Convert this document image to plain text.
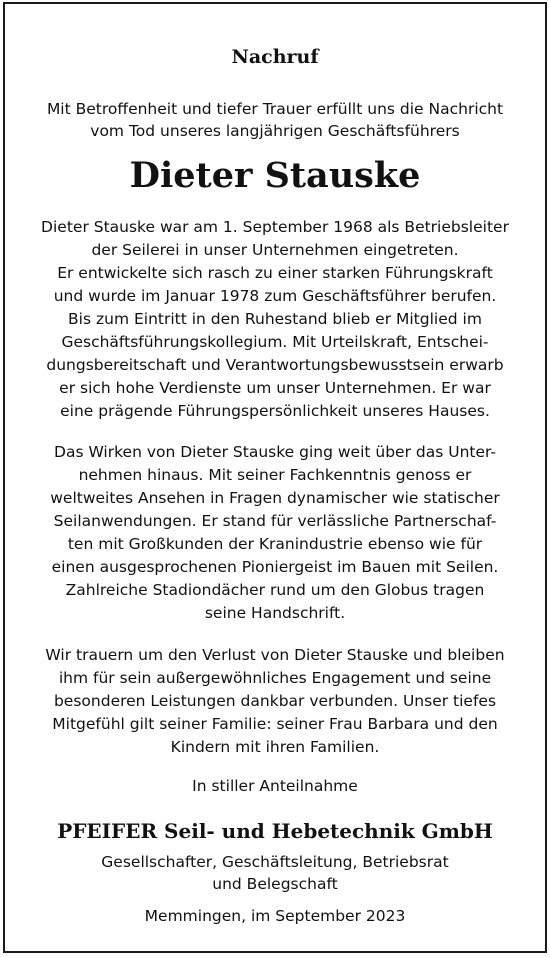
Nachruf
Mit Betroffenheit und tiefer Trauer erfüllt uns die Nachricht
vom Tod unseres langjährigen Geschäftsführers
Dieter Stauske
Dieter Stauske war am 1. September 1968 als Betriebsleiter
der Seilerei in unser Unternehmen eingetreten.
Er entwickelte sich rasch zu einer starken Führungskraft
und wurde im Januar 1978 zum Geschäftsführer berufen.
Bis zum Eintritt in den Ruhestand blieb er Mitglied im
Geschäftsführungskollegium. Mit Urteilskraft, Entschei-
dungsbereitschaft und Verantwortungsbewusstsein erwarb
er sich hohe Verdienste um unser Unternehmen. Er war
eine prägende Führungspersönlichkeit unseres Hauses.
Das Wirken von Dieter Stauske ging weit über das Unter-
nehmen hinaus. Mit seiner Fachkenntnis genoss er
weltweites Ansehen in Fragen dynamischer wie statischer
Seilanwendungen. Er stand für verlässliche Partnerschaf-
ten mit Großkunden der Kranindustrie ebenso wie für
einen ausgesprochenen Pioniergeist im Bauen mit Seilen.
Zahlreiche Stadiondächer rund um den Globus tragen
seine Handschrift.
Wir trauern um den Verlust von Dieter Stauske und bleiben
ihm für sein außergewöhnliches Engagement und seine
besonderen Leistungen dankbar verbunden. Unser tiefes
Mitgefühl gilt seiner Familie: seiner Frau Barbara und den
Kindern mit ihren Familien.
In stiller Anteilnahme
PFEIFER Seil- und Hebetechnik GmbH
Gesellschafter, Geschäftsleitung, Betriebsrat
und Belegschaft
Memmingen, im September 2023
